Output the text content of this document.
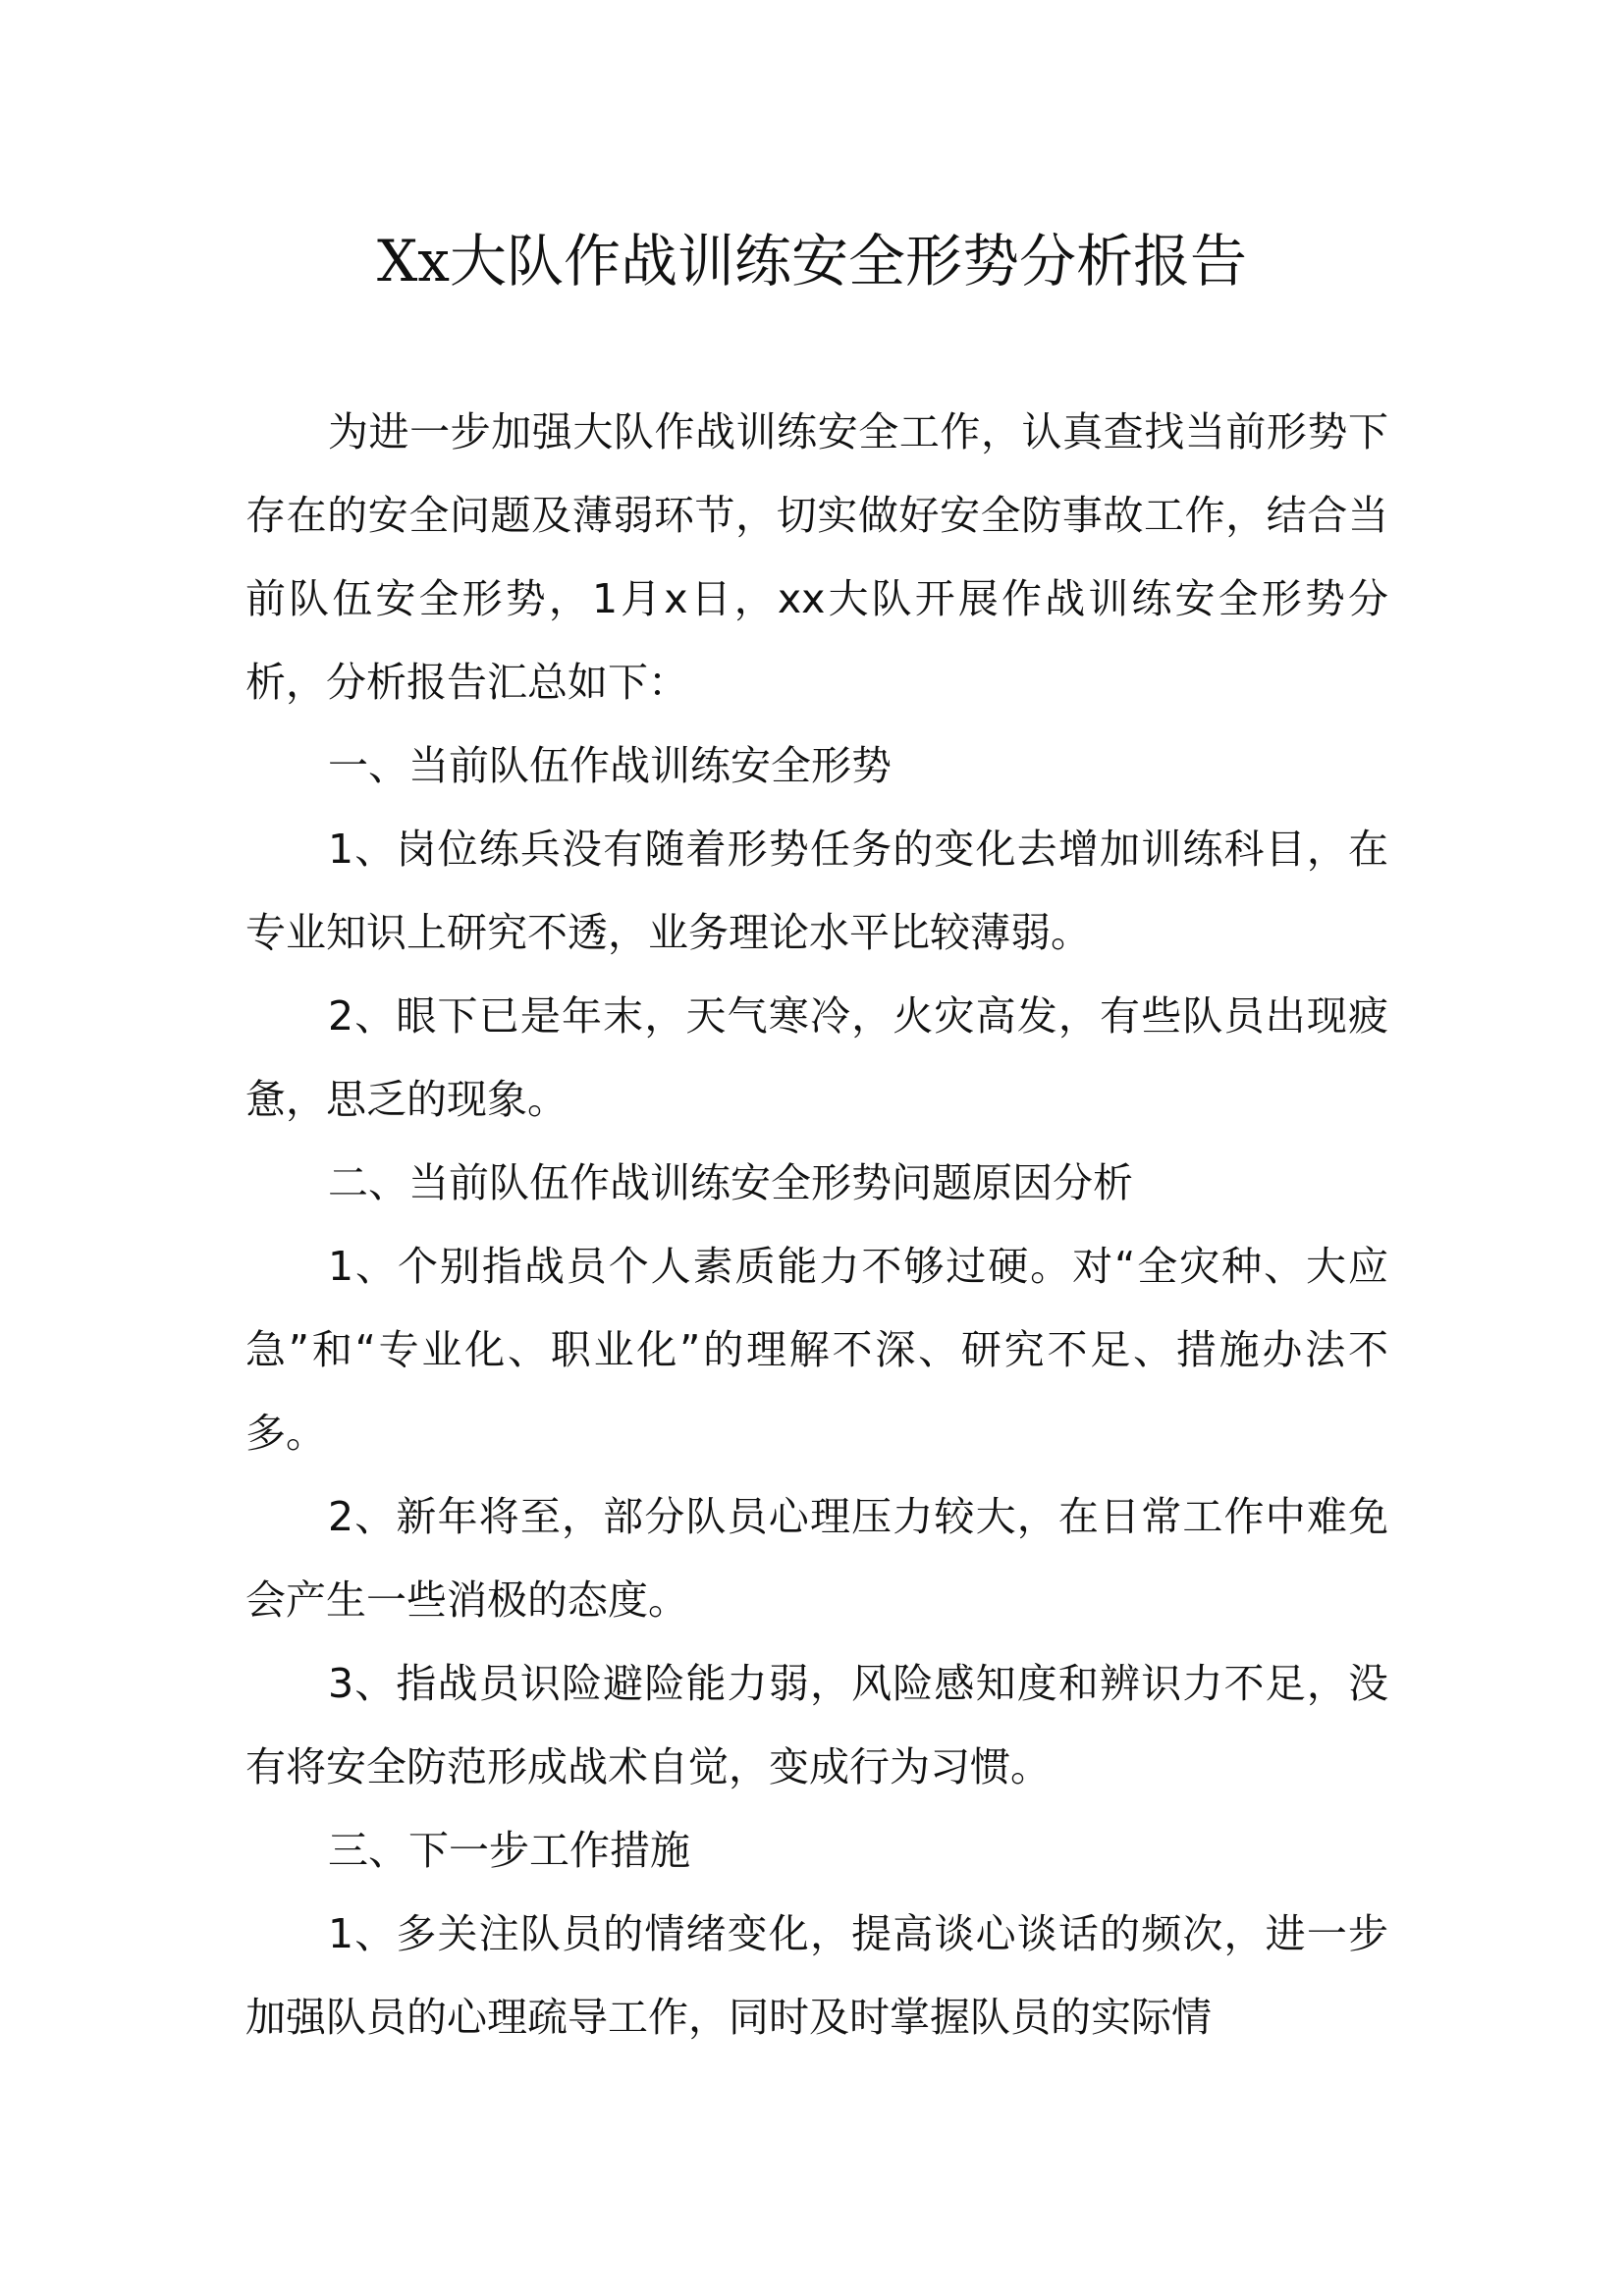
Xx大队作战训练安全形势分析报告

为进一步加强大队作战训练安全工作，认真查找当前形势下存在的安全问题及薄弱环节，切实做好安全防事故工作，结合当前队伍安全形势，1月x日，xx大队开展作战训练安全形势分析，分析报告汇总如下：

一、当前队伍作战训练安全形势

1、岗位练兵没有随着形势任务的变化去增加训练科目，在专业知识上研究不透，业务理论水平比较薄弱。

2、眼下已是年末，天气寒冷，火灾高发，有些队员出现疲惫，思乏的现象。

二、当前队伍作战训练安全形势问题原因分析

1、个别指战员个人素质能力不够过硬。对“全灾种、大应急”和“专业化、职业化”的理解不深、研究不足、措施办法不多。

2、新年将至，部分队员心理压力较大，在日常工作中难免会产生一些消极的态度。

3、指战员识险避险能力弱，风险感知度和辨识力不足，没有将安全防范形成战术自觉，变成行为习惯。

三、下一步工作措施

1、多关注队员的情绪变化，提高谈心谈话的频次，进一步加强队员的心理疏导工作，同时及时掌握队员的实际情
